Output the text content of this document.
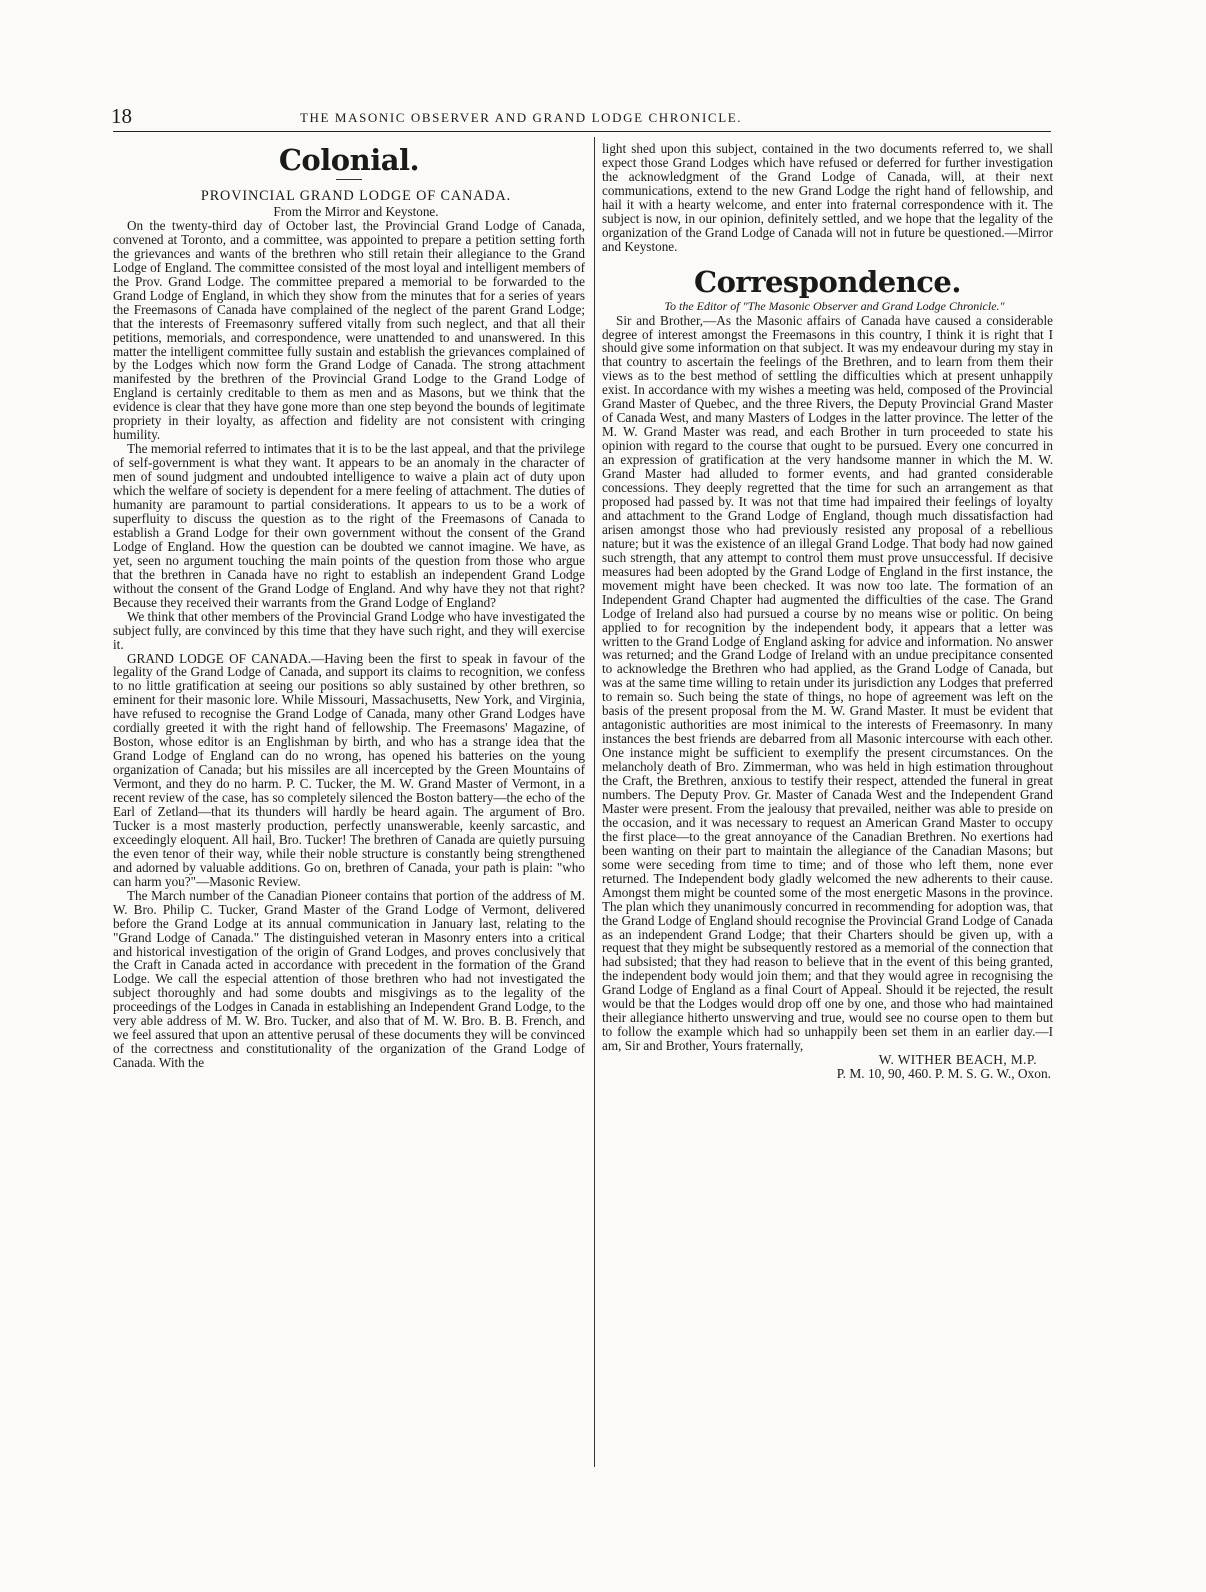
18	THE MASONIC OBSERVER AND GRAND LODGE CHRONICLE.
Colonial.

PROVINCIAL GRAND LODGE OF CANADA.

From the Mirror and Keystone.

On the twenty-third day of October last, the Provincial Grand Lodge of Canada, convened at Toronto, and a committee, was appointed to prepare a petition setting forth the grievances and wants of the brethren who still retain their allegiance to the Grand Lodge of England. The committee consisted of the most loyal and intelligent members of the Prov. Grand Lodge. The committee prepared a memorial to be forwarded to the Grand Lodge of England, in which they show from the minutes that for a series of years the Freemasons of Canada have complained of the neglect of the parent Grand Lodge; that the interests of Freemasonry suffered vitally from such neglect, and that all their petitions, memorials, and correspondence, were unattended to and unanswered. In this matter the intelligent committee fully sustain and establish the grievances complained of by the Lodges which now form the Grand Lodge of Canada. The strong attachment manifested by the brethren of the Provincial Grand Lodge to the Grand Lodge of England is certainly creditable to them as men and as Masons, but we think that the evidence is clear that they have gone more than one step beyond the bounds of legitimate propriety in their loyalty, as affection and fidelity are not consistent with cringing humility.

The memorial referred to intimates that it is to be the last appeal, and that the privilege of self-government is what they want. It appears to be an anomaly in the character of men of sound judgment and undoubted intelligence to waive a plain act of duty upon which the welfare of society is dependent for a mere feeling of attachment. The duties of humanity are paramount to partial considerations. It appears to us to be a work of superfluity to discuss the question as to the right of the Freemasons of Canada to establish a Grand Lodge for their own government without the consent of the Grand Lodge of England. How the question can be doubted we cannot imagine. We have, as yet, seen no argument touching the main points of the question from those who argue that the brethren in Canada have no right to establish an independent Grand Lodge without the consent of the Grand Lodge of England. And why have they not that right? Because they received their warrants from the Grand Lodge of England?

We think that other members of the Provincial Grand Lodge who have investigated the subject fully, are convinced by this time that they have such right, and they will exercise it.

GRAND LODGE OF CANADA.—Having been the first to speak in favour of the legality of the Grand Lodge of Canada, and support its claims to recognition, we confess to no little gratification at seeing our positions so ably sustained by other brethren, so eminent for their masonic lore. While Missouri, Massachusetts, New York, and Virginia, have refused to recognise the Grand Lodge of Canada, many other Grand Lodges have cordially greeted it with the right hand of fellowship. The Freemasons' Magazine, of Boston, whose editor is an Englishman by birth, and who has a strange idea that the Grand Lodge of England can do no wrong, has opened his batteries on the young organization of Canada; but his missiles are all incercepted by the Green Mountains of Vermont, and they do no harm. P. C. Tucker, the M. W. Grand Master of Vermont, in a recent review of the case, has so completely silenced the Boston battery—the echo of the Earl of Zetland—that its thunders will hardly be heard again. The argument of Bro. Tucker is a most masterly production, perfectly unanswerable, keenly sarcastic, and exceedingly eloquent. All hail, Bro. Tucker! The brethren of Canada are quietly pursuing the even tenor of their way, while their noble structure is constantly being strengthened and adorned by valuable additions. Go on, brethren of Canada, your path is plain: "who can harm you?"—Masonic Review.

The March number of the Canadian Pioneer contains that portion of the address of M. W. Bro. Philip C. Tucker, Grand Master of the Grand Lodge of Vermont, delivered before the Grand Lodge at its annual communication in January last, relating to the "Grand Lodge of Canada." The distinguished veteran in Masonry enters into a critical and historical investigation of the origin of Grand Lodges, and proves conclusively that the Craft in Canada acted in accordance with precedent in the formation of the Grand Lodge. We call the especial attention of those brethren who had not investigated the subject thoroughly and had some doubts and misgivings as to the legality of the proceedings of the Lodges in Canada in establishing an Independent Grand Lodge, to the very able address of M. W. Bro. Tucker, and also that of M. W. Bro. B. B. French, and we feel assured that upon an attentive perusal of these documents they will be convinced of the correctness and constitutionality of the organization of the Grand Lodge of Canada. With the

light shed upon this subject, contained in the two documents referred to, we shall expect those Grand Lodges which have refused or deferred for further investigation the acknowledgment of the Grand Lodge of Canada, will, at their next communications, extend to the new Grand Lodge the right hand of fellowship, and hail it with a hearty welcome, and enter into fraternal correspondence with it. The subject is now, in our opinion, definitely settled, and we hope that the legality of the organization of the Grand Lodge of Canada will not in future be questioned.—Mirror and Keystone.

Correspondence.

To the Editor of "The Masonic Observer and Grand Lodge Chronicle."

Sir and Brother,—As the Masonic affairs of Canada have caused a considerable degree of interest amongst the Freemasons in this country, I think it is right that I should give some information on that subject. It was my endeavour during my stay in that country to ascertain the feelings of the Brethren, and to learn from them their views as to the best method of settling the difficulties which at present unhappily exist. In accordance with my wishes a meeting was held, composed of the Provincial Grand Master of Quebec, and the three Rivers, the Deputy Provincial Grand Master of Canada West, and many Masters of Lodges in the latter province. The letter of the M. W. Grand Master was read, and each Brother in turn proceeded to state his opinion with regard to the course that ought to be pursued. Every one concurred in an expression of gratification at the very handsome manner in which the M. W. Grand Master had alluded to former events, and had granted considerable concessions. They deeply regretted that the time for such an arrangement as that proposed had passed by. It was not that time had impaired their feelings of loyalty and attachment to the Grand Lodge of England, though much dissatisfaction had arisen amongst those who had previously resisted any proposal of a rebellious nature; but it was the existence of an illegal Grand Lodge. That body had now gained such strength, that any attempt to control them must prove unsuccessful. If decisive measures had been adopted by the Grand Lodge of England in the first instance, the movement might have been checked. It was now too late. The formation of an Independent Grand Chapter had augmented the difficulties of the case. The Grand Lodge of Ireland also had pursued a course by no means wise or politic. On being applied to for recognition by the independent body, it appears that a letter was written to the Grand Lodge of England asking for advice and information. No answer was returned; and the Grand Lodge of Ireland with an undue precipitance consented to acknowledge the Brethren who had applied, as the Grand Lodge of Canada, but was at the same time willing to retain under its jurisdiction any Lodges that preferred to remain so. Such being the state of things, no hope of agreement was left on the basis of the present proposal from the M. W. Grand Master. It must be evident that antagonistic authorities are most inimical to the interests of Freemasonry. In many instances the best friends are debarred from all Masonic intercourse with each other. One instance might be sufficient to exemplify the present circumstances. On the melancholy death of Bro. Zimmerman, who was held in high estimation throughout the Craft, the Brethren, anxious to testify their respect, attended the funeral in great numbers. The Deputy Prov. Gr. Master of Canada West and the Independent Grand Master were present. From the jealousy that prevailed, neither was able to preside on the occasion, and it was necessary to request an American Grand Master to occupy the first place—to the great annoyance of the Canadian Brethren. No exertions had been wanting on their part to maintain the allegiance of the Canadian Masons; but some were seceding from time to time; and of those who left them, none ever returned. The Independent body gladly welcomed the new adherents to their cause. Amongst them might be counted some of the most energetic Masons in the province. The plan which they unanimously concurred in recommending for adoption was, that the Grand Lodge of England should recognise the Provincial Grand Lodge of Canada as an independent Grand Lodge; that their Charters should be given up, with a request that they might be subsequently restored as a memorial of the connection that had subsisted; that they had reason to believe that in the event of this being granted, the independent body would join them; and that they would agree in recognising the Grand Lodge of England as a final Court of Appeal. Should it be rejected, the result would be that the Lodges would drop off one by one, and those who had maintained their allegiance hitherto unswerving and true, would see no course open to them but to follow the example which had so unhappily been set them in an earlier day.—I am, Sir and Brother, Yours fraternally,

W. WITHER BEACH, M.P.

P. M. 10, 90, 460. P. M. S. G. W., Oxon.
